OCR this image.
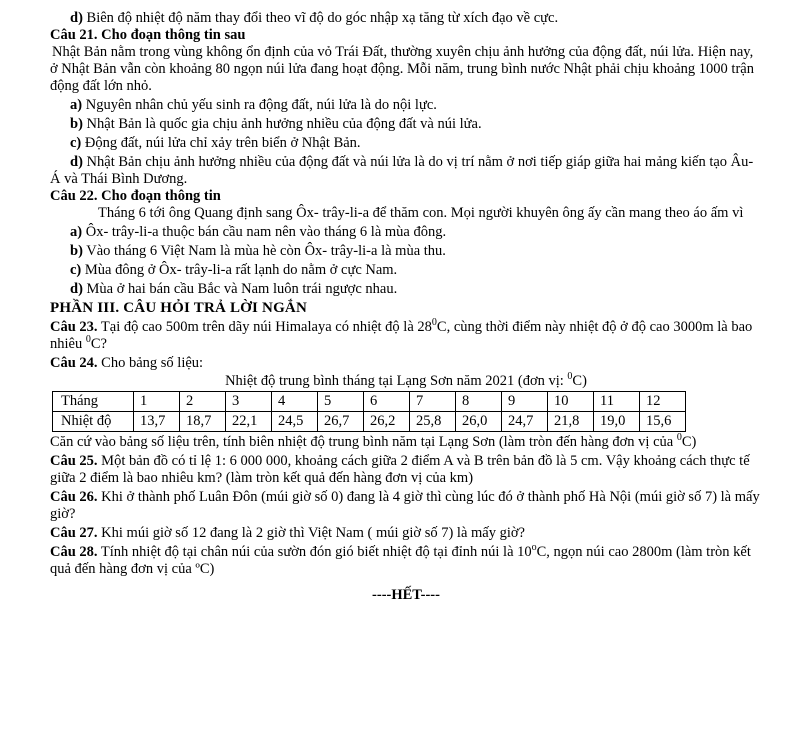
d) Biên độ nhiệt độ năm thay đổi theo vĩ độ do góc nhập xạ tăng từ xích đạo về cực.

Câu 21. Cho đoạn thông tin sau

Nhật Bản nằm trong vùng không ổn định của vỏ Trái Đất, thường xuyên chịu ảnh hưởng của động đất, núi lửa. Hiện nay, ở Nhật Bản vẫn còn khoảng 80 ngọn núi lửa đang hoạt động. Mỗi năm, trung bình nước Nhật phải chịu khoảng 1000 trận động đất lớn nhỏ.

a) Nguyên nhân chủ yếu sinh ra động đất, núi lửa là do nội lực.

b) Nhật Bản là quốc gia chịu ảnh hưởng nhiều của động đất và núi lửa.

c) Động đất, núi lửa chỉ xảy trên biển ở Nhật Bản.

d) Nhật Bản chịu ảnh hưởng nhiều của động đất và núi lửa là do vị trí nằm ở nơi tiếp giáp giữa hai mảng kiến tạo Âu- Á và Thái Bình Dương.

Câu 22. Cho đoạn thông tin

Tháng 6 tới ông Quang định sang Ôx- trây-li-a để thăm con. Mọi người khuyên ông ấy cần mang theo áo ấm vì

a) Ôx- trây-li-a thuộc bán cầu nam nên vào tháng 6 là mùa đông.

b) Vào tháng 6 Việt Nam là mùa hè còn Ôx- trây-li-a là mùa thu.

c) Mùa đông ở Ôx- trây-li-a rất lạnh do nằm ở cực Nam.

d) Mùa ở hai bán cầu Bắc và Nam luôn trái ngược nhau.

PHẦN III. CÂU HỎI TRẢ LỜI NGẮN

Câu 23. Tại độ cao 500m trên dãy núi Himalaya có nhiệt độ là $28^0C$, cùng thời điểm này nhiệt độ ở độ cao 3000m là bao nhiêu $^0$C?

Câu 24. Cho bảng số liệu:

Nhiệt độ trung bình tháng tại Lạng Sơn năm 2021 (đơn vị: $^0$C)

Tháng	1	2	3	4	5	6	7	8	9	10	11	12
Nhiệt độ	13,7	18,7	22,1	24,5	26,7	26,2	25,8	26,0	24,7	21,8	19,0	15,6

Căn cứ vào bảng số liệu trên, tính biên nhiệt độ trung bình năm tại Lạng Sơn (làm tròn đến hàng đơn vị của $^0$C)

Câu 25. Một bản đồ có tỉ lệ 1: 6 000 000, khoảng cách giữa 2 điểm A và B trên bản đồ là 5 cm. Vậy khoảng cách thực tế giữa 2 điểm là bao nhiêu km? (làm tròn kết quả đến hàng đơn vị của km)

Câu 26. Khi ở thành phố Luân Đôn (múi giờ số 0) đang là 4 giờ thì cùng lúc đó ở thành phố Hà Nội (múi giờ số 7) là mấy giờ?

Câu 27. Khi múi giờ số 12 đang là 2 giờ thì Việt Nam ( múi giờ số 7) là mấy giờ?

Câu 28. Tính nhiệt độ tại chân núi của sườn đón gió biết nhiệt độ tại đỉnh núi là 10$^o$C, ngọn núi cao 2800m (làm tròn kết quả đến hàng đơn vị của ºC)

----HẾT----
